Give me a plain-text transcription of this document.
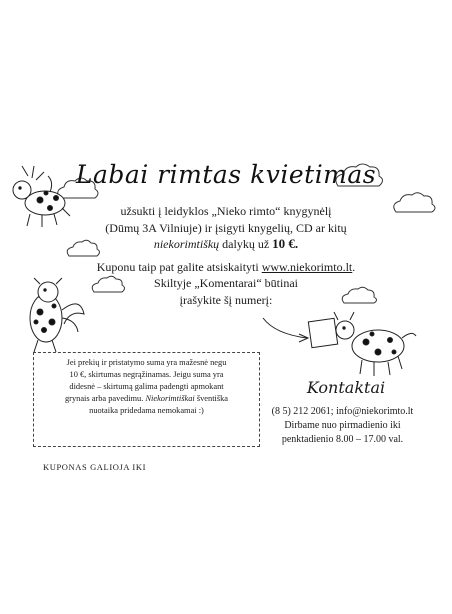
Labai rimtas kvietimas
užsukti į leidyklos „Nieko rimto“ knygynėlį
(Dūmų 3A Vilniuje) ir įsigyti knygelių, CD ar kitų
niekorimtiškų dalykų už 10 €.
Kuponu taip pat galite atsiskaityti www.niekorimto.lt.
Skiltyje „Komentarai“ būtinai
įrašykite šį numerį:
Jei prekių ir pristatymo suma yra mažesnė negu
10 €, skirtumas negrąžinamas. Jeigu suma yra
didesnė – skirtumą galima padengti apmokant
grynais arba pavedimu. Niekorimtiškai šventiška
nuotaika pridedama nemokamai :)
KUPONAS GALIOJA IKI
Kontaktai
(8 5) 212 2061; info@niekorimto.lt
Dirbame nuo pirmadienio iki
penktadienio 8.00 – 17.00 val.
